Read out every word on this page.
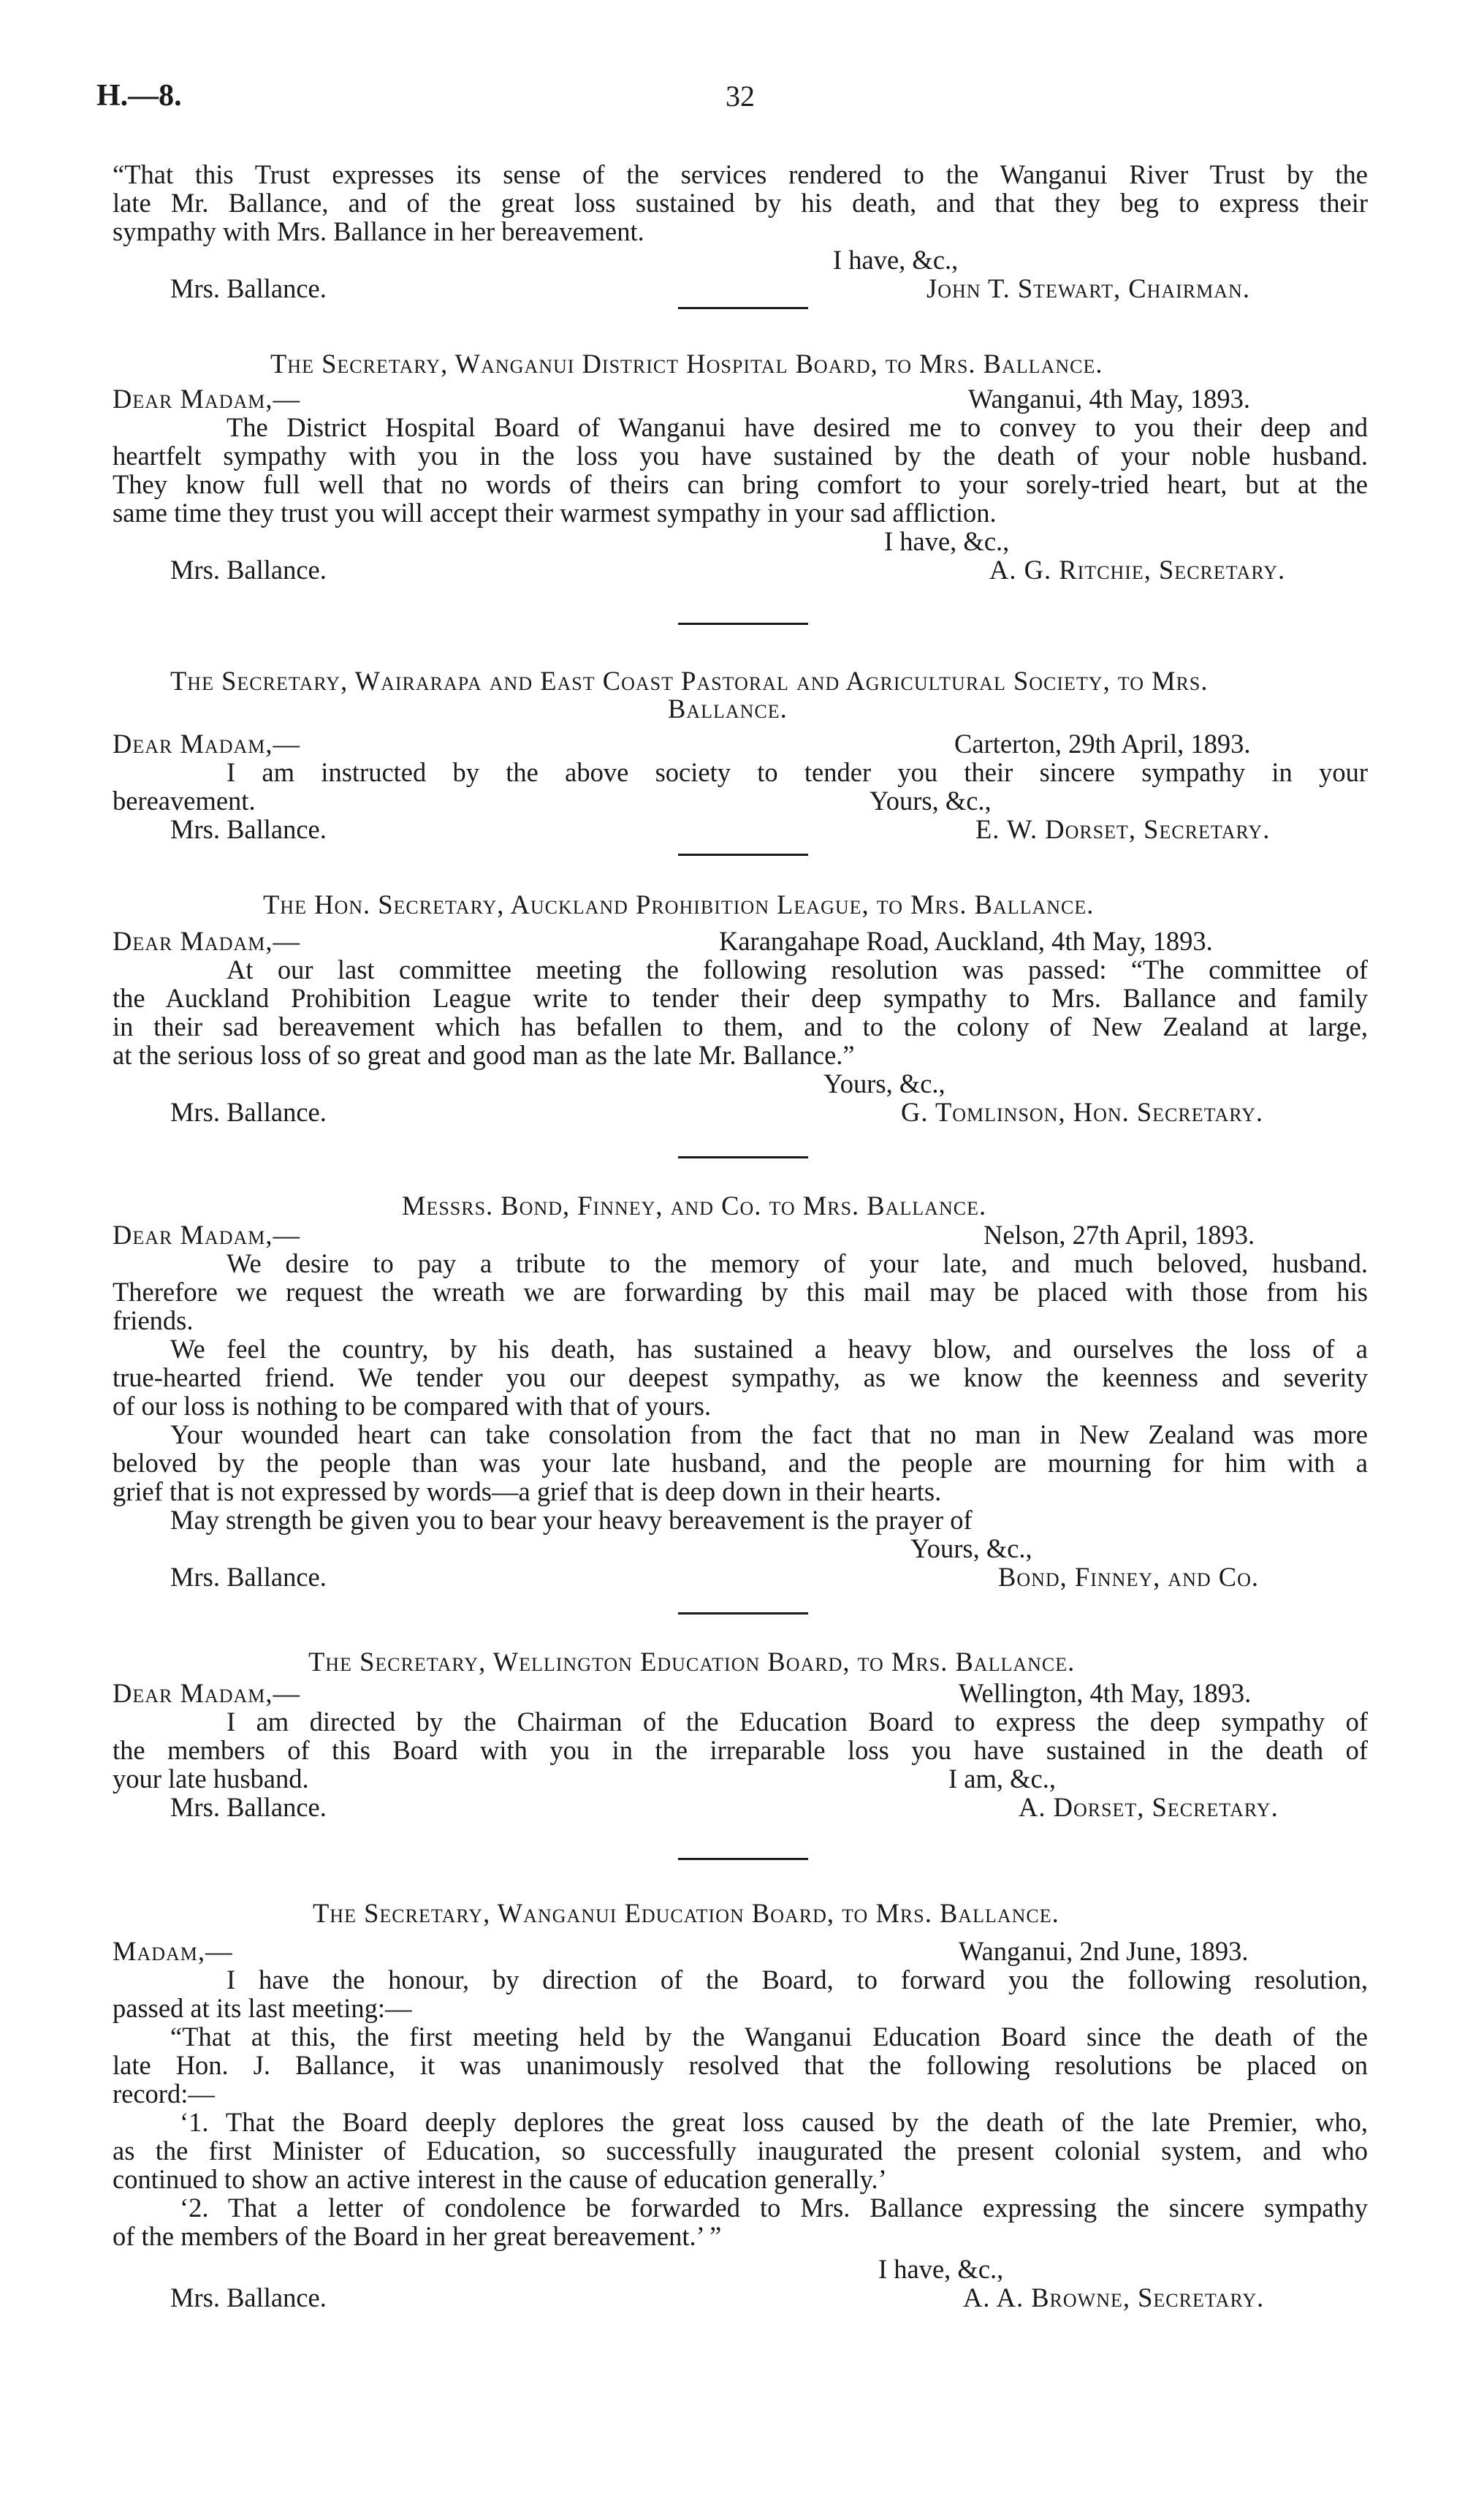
H.—8.	32
“That this Trust expresses its sense of the services rendered to the Wanganui River Trust by the
late Mr. Ballance, and of the great loss sustained by his death, and that they beg to express their
sympathy with Mrs. Ballance in her bereavement.
I have, &c.,
Mrs. Ballance.	John T. Stewart, Chairman.
The Secretary, Wanganui District Hospital Board, to Mrs. Ballance.
Dear Madam,—	Wanganui, 4th May, 1893.
The District Hospital Board of Wanganui have desired me to convey to you their deep and
heartfelt sympathy with you in the loss you have sustained by the death of your noble husband.
They know full well that no words of theirs can bring comfort to your sorely-tried heart, but at the
same time they trust you will accept their warmest sympathy in your sad affliction.
I have, &c.,
Mrs. Ballance.	A. G. Ritchie, Secretary.
The Secretary, Wairarapa and East Coast Pastoral and Agricultural Society, to Mrs.
Ballance.
Dear Madam,—	Carterton, 29th April, 1893.
I am instructed by the above society to tender you their sincere sympathy in your
bereavement.	Yours, &c.,
Mrs. Ballance.	E. W. Dorset, Secretary.
The Hon. Secretary, Auckland Prohibition League, to Mrs. Ballance.
Dear Madam,—	Karangahape Road, Auckland, 4th May, 1893.
At our last committee meeting the following resolution was passed: “The committee of
the Auckland Prohibition League write to tender their deep sympathy to Mrs. Ballance and family
in their sad bereavement which has befallen to them, and to the colony of New Zealand at large,
at the serious loss of so great and good man as the late Mr. Ballance.”
Yours, &c.,
Mrs. Ballance.	G. Tomlinson, Hon. Secretary.
Messrs. Bond, Finney, and Co. to Mrs. Ballance.
Dear Madam,—	Nelson, 27th April, 1893.
We desire to pay a tribute to the memory of your late, and much beloved, husband.
Therefore we request the wreath we are forwarding by this mail may be placed with those from his
friends.
We feel the country, by his death, has sustained a heavy blow, and ourselves the loss of a
true-hearted friend. We tender you our deepest sympathy, as we know the keenness and severity
of our loss is nothing to be compared with that of yours.
Your wounded heart can take consolation from the fact that no man in New Zealand was more
beloved by the people than was your late husband, and the people are mourning for him with a
grief that is not expressed by words—a grief that is deep down in their hearts.
May strength be given you to bear your heavy bereavement is the prayer of
Yours, &c.,
Mrs. Ballance.	Bond, Finney, and Co.
The Secretary, Wellington Education Board, to Mrs. Ballance.
Dear Madam,—	Wellington, 4th May, 1893.
I am directed by the Chairman of the Education Board to express the deep sympathy of
the members of this Board with you in the irreparable loss you have sustained in the death of
your late husband.	I am, &c.,
Mrs. Ballance.	A. Dorset, Secretary.
The Secretary, Wanganui Education Board, to Mrs. Ballance.
Madam,—	Wanganui, 2nd June, 1893.
I have the honour, by direction of the Board, to forward you the following resolution,
passed at its last meeting:—
“That at this, the first meeting held by the Wanganui Education Board since the death of the
late Hon. J. Ballance, it was unanimously resolved that the following resolutions be placed on
record:—
‘1. That the Board deeply deplores the great loss caused by the death of the late Premier, who,
as the first Minister of Education, so successfully inaugurated the present colonial system, and who
continued to show an active interest in the cause of education generally.’
‘2. That a letter of condolence be forwarded to Mrs. Ballance expressing the sincere sympathy
of the members of the Board in her great bereavement.’ ”
I have, &c.,
Mrs. Ballance.	A. A. Browne, Secretary.
